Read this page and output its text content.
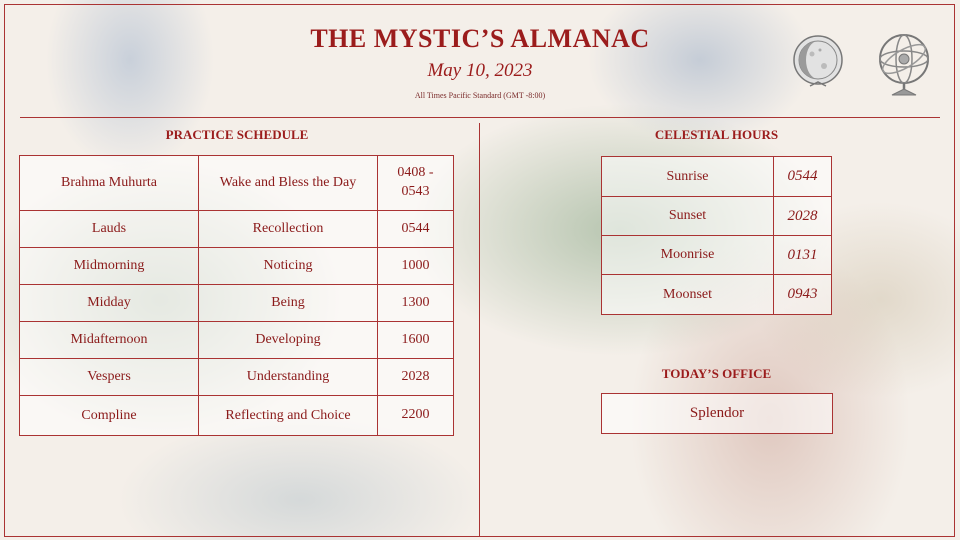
THE MYSTIC’S ALMANAC
May 10, 2023
All Times Pacific Standard (GMT -8:00)
PRACTICE SCHEDULE
Brahma Muhurta	Wake and Bless the Day	0408 - 0543
Lauds	Recollection	0544
Midmorning	Noticing	1000
Midday	Being	1300
Midafternoon	Developing	1600
Vespers	Understanding	2028
Compline	Reflecting and Choice	2200
CELESTIAL HOURS
Sunrise	0544
Sunset	2028
Moonrise	0131
Moonset	0943
TODAY’S OFFICE
Splendor
